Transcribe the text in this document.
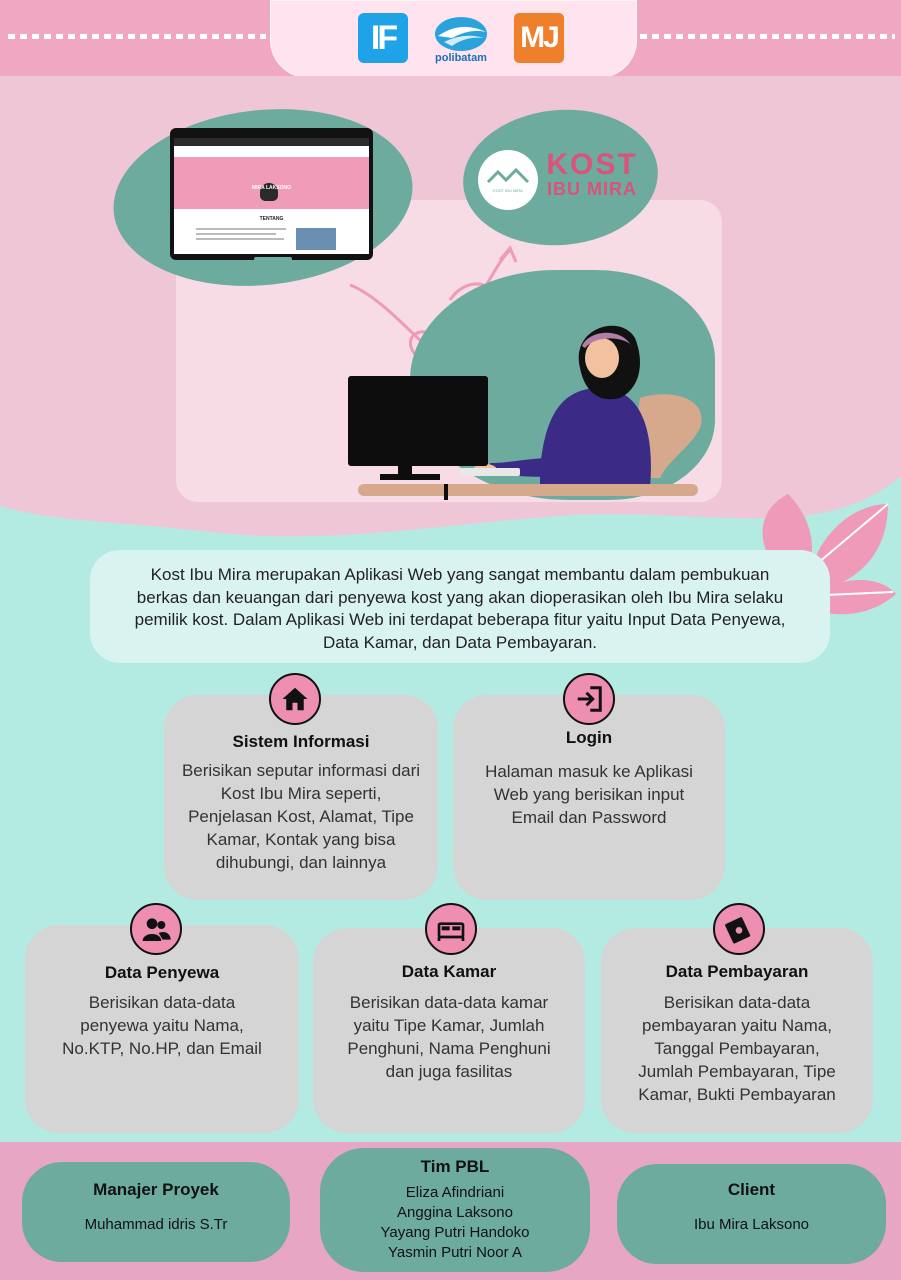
IF
polibatam
MJ
MIRA LAKSONO
TENTANG
KOST IBU MIRA
KOST
IBU MIRA
Kost Ibu Mira merupakan Aplikasi Web yang sangat membantu dalam pembukuan berkas dan keuangan dari penyewa kost yang akan dioperasikan oleh Ibu Mira selaku pemilik kost. Dalam Aplikasi Web ini terdapat beberapa fitur yaitu Input Data Penyewa, Data Kamar, dan Data Pembayaran.
Sistem Informasi
Berisikan seputar informasi dari Kost Ibu Mira seperti, Penjelasan Kost, Alamat, Tipe Kamar, Kontak yang bisa dihubungi, dan lainnya
Login
Halaman masuk ke Aplikasi Web yang berisikan input Email dan Password
Data Penyewa
Berisikan data-data penyewa yaitu Nama, No.KTP, No.HP, dan Email
Data Kamar
Berisikan data-data kamar yaitu Tipe Kamar, Jumlah Penghuni, Nama Penghuni dan juga fasilitas
Data Pembayaran
Berisikan data-data pembayaran yaitu Nama, Tanggal Pembayaran, Jumlah Pembayaran, Tipe Kamar, Bukti Pembayaran
Manajer Proyek
Muhammad idris S.Tr
Tim PBL
Eliza Afindriani
Anggina Laksono
Yayang Putri Handoko
Yasmin Putri Noor A
Client
Ibu Mira Laksono
